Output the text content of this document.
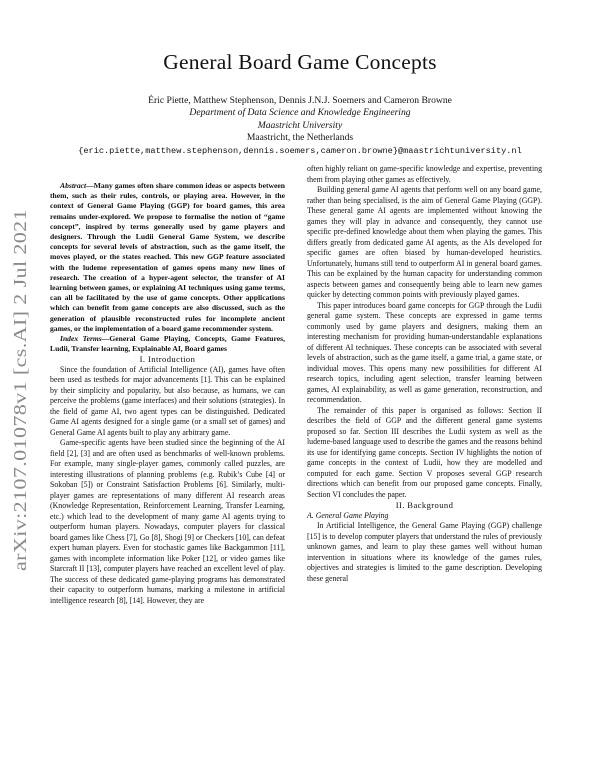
arXiv:2107.01078v1 [cs.AI] 2 Jul 2021
General Board Game Concepts
Éric Piette, Matthew Stephenson, Dennis J.N.J. Soemers and Cameron Browne
Department of Data Science and Knowledge Engineering
Maastricht University
Maastricht, the Netherlands
{eric.piette,matthew.stephenson,dennis.soemers,cameron.browne}@maastrichtuniversity.nl

Abstract—Many games often share common ideas or aspects between them, such as their rules, controls, or playing area. However, in the context of General Game Playing (GGP) for board games, this area remains under-explored. We propose to formalise the notion of “game concept”, inspired by terms generally used by game players and designers. Through the Ludii General Game System, we describe concepts for several levels of abstraction, such as the game itself, the moves played, or the states reached. This new GGP feature associated with the ludeme representation of games opens many new lines of research. The creation of a hyper-agent selector, the transfer of AI learning between games, or explaining AI techniques using game terms, can all be facilitated by the use of game concepts. Other applications which can benefit from game concepts are also discussed, such as the generation of plausible reconstructed rules for incomplete ancient games, or the implementation of a board game recommender system.

Index Terms—General Game Playing, Concepts, Game Features, Ludii, Transfer learning, Explainable AI, Board games

I. Introduction

Since the foundation of Artificial Intelligence (AI), games have often been used as testbeds for major advancements [1]. This can be explained by their simplicity and popularity, but also because, as humans, we can perceive the problems (game interfaces) and their solutions (strategies). In the field of game AI, two agent types can be distinguished. Dedicated Game AI agents designed for a single game (or a small set of games) and General Game AI agents built to play any arbitrary game.

Game-specific agents have been studied since the beginning of the AI field [2], [3] and are often used as benchmarks of well-known problems. For example, many single-player games, commonly called puzzles, are interesting illustrations of planning problems (e.g. Rubik’s Cube [4] or Sokoban [5]) or Constraint Satisfaction Problems [6]. Similarly, multi-player games are representations of many different AI research areas (Knowledge Representation, Reinforcement Learning, Transfer Learning, etc.) which lead to the development of many game AI agents trying to outperform human players. Nowadays, computer players for classical board games like Chess [7], Go [8], Shogi [9] or Checkers [10], can defeat expert human players. Even for stochastic games like Backgammon [11], games with incomplete information like Poker [12], or video games like Starcraft II [13], computer players have reached an excellent level of play. The success of these dedicated game-playing programs has demonstrated their capacity to outperform humans, marking a milestone in artificial intelligence research [8], [14]. However, they are

often highly reliant on game-specific knowledge and expertise, preventing them from playing other games as effectively.

Building general game AI agents that perform well on any board game, rather than being specialised, is the aim of General Game Playing (GGP). These general game AI agents are implemented without knowing the games they will play in advance and consequently, they cannot use specific pre-defined knowledge about them when playing the games. This differs greatly from dedicated game AI agents, as the AIs developed for specific games are often biased by human-developed heuristics. Unfortunately, humans still tend to outperform AI in general board games. This can be explained by the human capacity for understanding common aspects between games and consequently being able to learn new games quicker by detecting common points with previously played games.

This paper introduces board game concepts for GGP through the Ludii general game system. These concepts are expressed in game terms commonly used by game players and designers, making them an interesting mechanism for providing human-understandable explanations of different AI techniques. These concepts can be associated with several levels of abstraction, such as the game itself, a game trial, a game state, or individual moves. This opens many new possibilities for different AI research topics, including agent selection, transfer learning between games, AI explainability, as well as game generation, reconstruction, and recommendation.

The remainder of this paper is organised as follows: Section II describes the field of GGP and the different general game systems proposed so far. Section III describes the Ludii system as well as the ludeme-based language used to describe the games and the reasons behind its use for identifying game concepts. Section IV highlights the notion of game concepts in the context of Ludii, how they are modelled and computed for each game. Section V proposes several GGP research directions which can benefit from our proposed game concepts. Finally, Section VI concludes the paper.

II. Background

A. General Game Playing

In Artificial Intelligence, the General Game Playing (GGP) challenge [15] is to develop computer players that understand the rules of previously unknown games, and learn to play these games well without human intervention in situations where its knowledge of the games rules, objectives and strategies is limited to the game description. Developing these general
